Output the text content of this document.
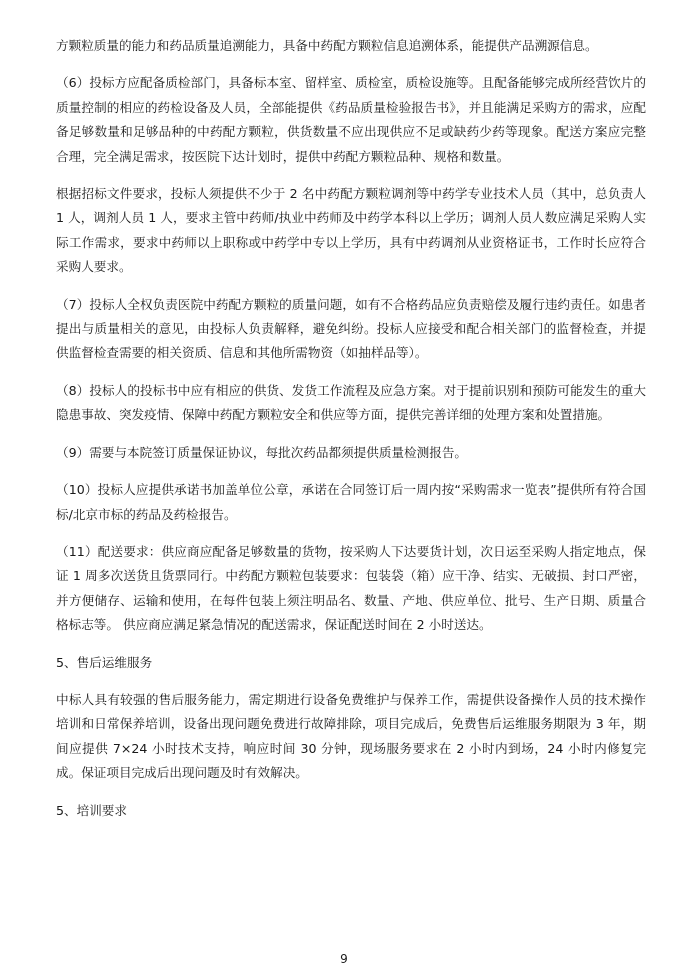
方颗粒质量的能力和药品质量追溯能力，具备中药配方颗粒信息追溯体系，能提供产品溯源信息。

（6）投标方应配备质检部门，具备标本室、留样室、质检室，质检设施等。且配备能够完成所经营饮片的质量控制的相应的药检设备及人员，全部能提供《药品质量检验报告书》，并且能满足采购方的需求，应配备足够数量和足够品种的中药配方颗粒，供货数量不应出现供应不足或缺药少药等现象。配送方案应完整合理，完全满足需求，按医院下达计划时，提供中药配方颗粒品种、规格和数量。

根据招标文件要求，投标人须提供不少于 2 名中药配方颗粒调剂等中药学专业技术人员（其中，总负责人 1 人，调剂人员 1 人，要求主管中药师/执业中药师及中药学本科以上学历；调剂人员人数应满足采购人实际工作需求，要求中药师以上职称或中药学中专以上学历，具有中药调剂从业资格证书，工作时长应符合采购人要求。

（7）投标人全权负责医院中药配方颗粒的质量问题，如有不合格药品应负责赔偿及履行违约责任。如患者提出与质量相关的意见，由投标人负责解释，避免纠纷。投标人应接受和配合相关部门的监督检查，并提供监督检查需要的相关资质、信息和其他所需物资（如抽样品等）。

（8）投标人的投标书中应有相应的供货、发货工作流程及应急方案。对于提前识别和预防可能发生的重大隐患事故、突发疫情、保障中药配方颗粒安全和供应等方面，提供完善详细的处理方案和处置措施。

（9）需要与本院签订质量保证协议，每批次药品都须提供质量检测报告。

（10）投标人应提供承诺书加盖单位公章，承诺在合同签订后一周内按“采购需求一览表”提供所有符合国标/北京市标的药品及药检报告。

（11）配送要求：供应商应配备足够数量的货物，按采购人下达要货计划，次日运至采购人指定地点，保证 1 周多次送货且货票同行。中药配方颗粒包装要求：包装袋（箱）应干净、结实、无破损、封口严密，并方便储存、运输和使用，在每件包装上须注明品名、数量、产地、供应单位、批号、生产日期、质量合格标志等。 供应商应满足紧急情况的配送需求，保证配送时间在 2 小时送达。

5、售后运维服务

中标人具有较强的售后服务能力，需定期进行设备免费维护与保养工作，需提供设备操作人员的技术操作培训和日常保养培训，设备出现问题免费进行故障排除，项目完成后，免费售后运维服务期限为 3 年，期间应提供 7×24 小时技术支持，响应时间 30 分钟，现场服务要求在 2 小时内到场，24 小时内修复完成。保证项目完成后出现问题及时有效解决。

5、培训要求

9
